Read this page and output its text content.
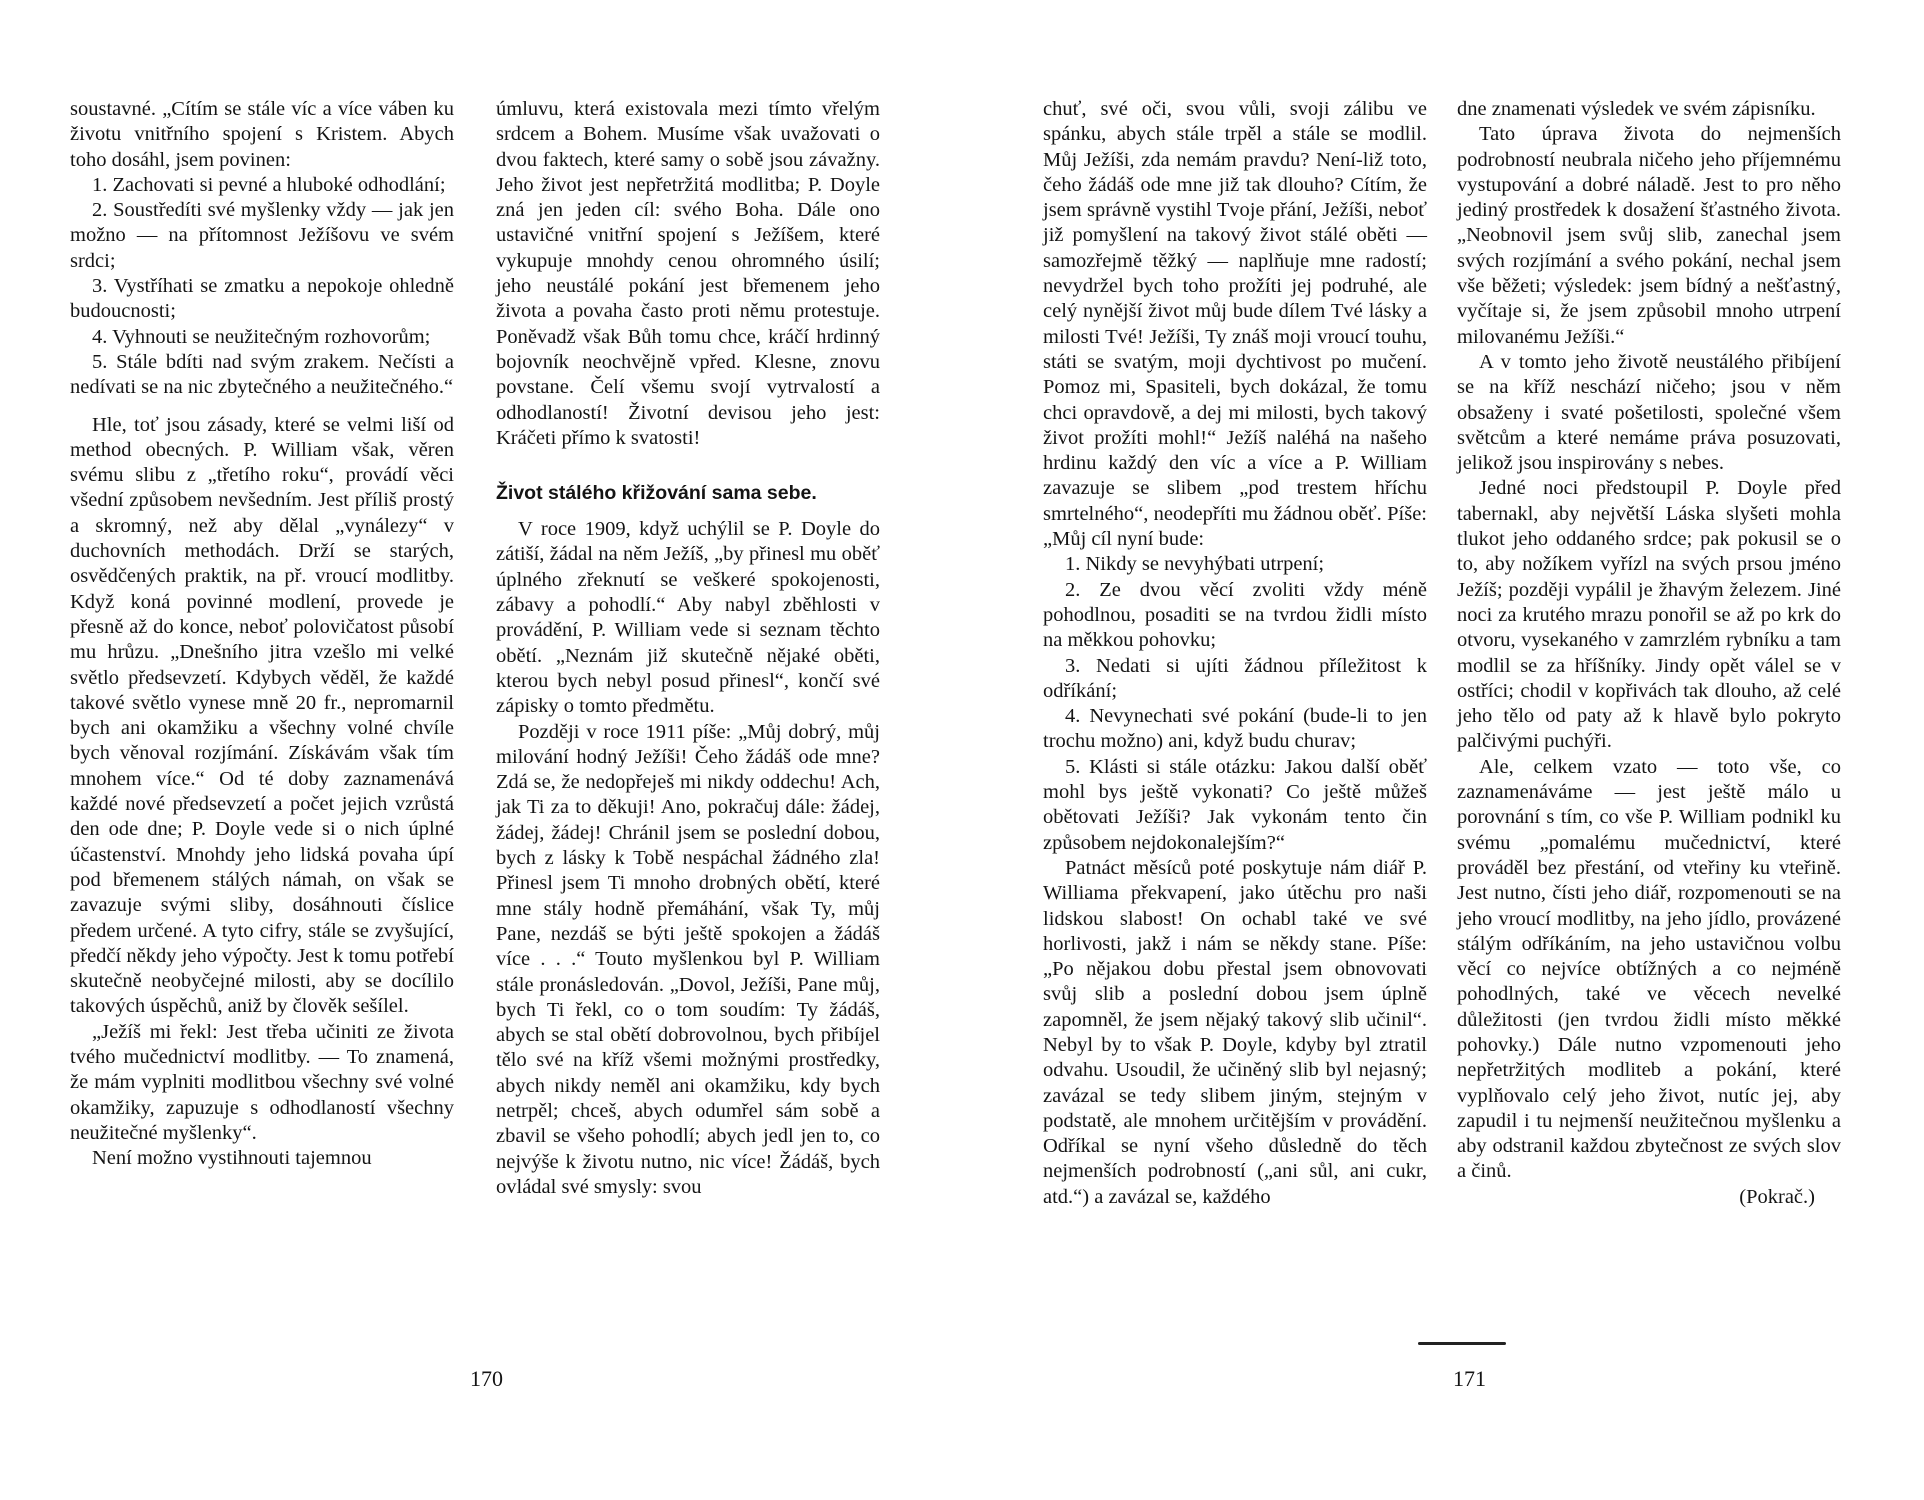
soustavné. „Cítím se stále víc a více váben ku životu vnitřního spojení s Kristem. Abych toho dosáhl, jsem povinen:

1. Zachovati si pevné a hluboké odhodlání;

2. Soustředíti své myšlenky vždy — jak jen možno — na přítomnost Ježíšovu ve svém srdci;

3. Vystříhati se zmatku a nepokoje ohledně budoucnosti;

4. Vyhnouti se neužitečným rozhovorům;

5. Stále bdíti nad svým zrakem. Nečísti a nedívati se na nic zbytečného a neužitečného.“

Hle, toť jsou zásady, které se velmi liší od method obecných. P. William však, věren svému slibu z „třetího roku“, provádí věci všední způsobem nevšedním. Jest příliš prostý a skromný, než aby dělal „vynálezy“ v duchovních methodách. Drží se starých, osvědčených praktik, na př. vroucí modlitby. Když koná povinné modlení, provede je přesně až do konce, neboť polovičatost působí mu hrůzu. „Dnešního jitra vzešlo mi velké světlo předsevzetí. Kdybych věděl, že každé takové světlo vynese mně 20 fr., nepromarnil bych ani okamžiku a všechny volné chvíle bych věnoval rozjímání. Získávám však tím mnohem více.“ Od té doby zaznamenává každé nové předsevzetí a počet jejich vzrůstá den ode dne; P. Doyle vede si o nich úplné účastenství. Mnohdy jeho lidská povaha úpí pod břemenem stálých námah, on však se zavazuje svými sliby, dosáhnouti číslice předem určené. A tyto cifry, stále se zvyšující, předčí někdy jeho výpočty. Jest k tomu potřebí skutečně neobyčejné milosti, aby se docílilo takových úspěchů, aniž by člověk sešílel.

„Ježíš mi řekl: Jest třeba učiniti ze života tvého mučednictví modlitby. — To znamená, že mám vyplniti modlitbou všechny své volné okamžiky, zapuzuje s odhodlaností všechny neužitečné myšlenky“.

Není možno vystihnouti tajemnou

úmluvu, která existovala mezi tímto vřelým srdcem a Bohem. Musíme však uvažovati o dvou faktech, které samy o sobě jsou závažny. Jeho život jest nepřetržitá modlitba; P. Doyle zná jen jeden cíl: svého Boha. Dále ono ustavičné vnitřní spojení s Ježíšem, které vykupuje mnohdy cenou ohromného úsilí; jeho neustálé pokání jest břemenem jeho života a povaha často proti němu protestuje. Poněvadž však Bůh tomu chce, kráčí hrdinný bojovník neochvějně vpřed. Klesne, znovu povstane. Čelí všemu svojí vytrvalostí a odhodlaností! Životní devisou jeho jest: Kráčeti přímo k svatosti!

Život stálého křižování sama sebe.

V roce 1909, když uchýlil se P. Doyle do zátiší, žádal na něm Ježíš, „by přinesl mu oběť úplného zřeknutí se veškeré spokojenosti, zábavy a pohodlí.“ Aby nabyl zběhlosti v provádění, P. William vede si seznam těchto obětí. „Neznám již skutečně nějaké oběti, kterou bych nebyl posud přinesl“, končí své zápisky o tomto předmětu.

Později v roce 1911 píše: „Můj dobrý, můj milování hodný Ježíši! Čeho žádáš ode mne? Zdá se, že nedopřeješ mi nikdy oddechu! Ach, jak Ti za to děkuji! Ano, pokračuj dále: žádej, žádej, žádej! Chránil jsem se poslední dobou, bych z lásky k Tobě nespáchal žádného zla! Přinesl jsem Ti mnoho drobných obětí, které mne stály hodně přemáhání, však Ty, můj Pane, nezdáš se býti ještě spokojen a žádáš více . . .“ Touto myšlenkou byl P. William stále pronásledován. „Dovol, Ježíši, Pane můj, bych Ti řekl, co o tom soudím: Ty žádáš, abych se stal obětí dobrovolnou, bych přibíjel tělo své na kříž všemi možnými prostředky, abych nikdy neměl ani okamžiku, kdy bych netrpěl; chceš, abych odumřel sám sobě a zbavil se všeho pohodlí; abych jedl jen to, co nejvýše k životu nutno, nic více! Žádáš, bych ovládal své smysly: svou

170

chuť, své oči, svou vůli, svoji zálibu ve spánku, abych stále trpěl a stále se modlil. Můj Ježíši, zda nemám pravdu? Není-liž toto, čeho žádáš ode mne již tak dlouho? Cítím, že jsem správně vystihl Tvoje přání, Ježíši, neboť již pomyšlení na takový život stálé oběti — samozřejmě těžký — naplňuje mne radostí; nevydržel bych toho prožíti jej podruhé, ale celý nynější život můj bude dílem Tvé lásky a milosti Tvé! Ježíši, Ty znáš moji vroucí touhu, státi se svatým, moji dychtivost po mučení. Pomoz mi, Spasiteli, bych dokázal, že tomu chci opravdově, a dej mi milosti, bych takový život prožíti mohl!“ Ježíš naléhá na našeho hrdinu každý den víc a více a P. William zavazuje se slibem „pod trestem hříchu smrtelného“, neodepříti mu žádnou oběť. Píše: „Můj cíl nyní bude:

1. Nikdy se nevyhýbati utrpení;

2. Ze dvou věcí zvoliti vždy méně pohodlnou, posaditi se na tvrdou židli místo na měkkou pohovku;

3. Nedati si ujíti žádnou příležitost k odříkání;

4. Nevynechati své pokání (bude-li to jen trochu možno) ani, když budu churav;

5. Klásti si stále otázku: Jakou další oběť mohl bys ještě vykonati? Co ještě můžeš obětovati Ježíši? Jak vykonám tento čin způsobem nejdokonalejším?“

Patnáct měsíců poté poskytuje nám diář P. Williama překvapení, jako útěchu pro naši lidskou slabost! On ochabl také ve své horlivosti, jakž i nám se někdy stane. Píše: „Po nějakou dobu přestal jsem obnovovati svůj slib a poslední dobou jsem úplně zapomněl, že jsem nějaký takový slib učinil“. Nebyl by to však P. Doyle, kdyby byl ztratil odvahu. Usoudil, že učiněný slib byl nejasný; zavázal se tedy slibem jiným, stejným v podstatě, ale mnohem určitějším v provádění. Odříkal se nyní všeho důsledně do těch nejmenších podrobností („ani sůl, ani cukr, atd.“) a zavázal se, každého

dne znamenati výsledek ve svém zápisníku.

Tato úprava života do nejmenších podrobností neubrala ničeho jeho příjemnému vystupování a dobré náladě. Jest to pro něho jediný prostředek k dosažení šťastného života. „Neobnovil jsem svůj slib, zanechal jsem svých rozjímání a svého pokání, nechal jsem vše běžeti; výsledek: jsem bídný a nešťastný, vyčítaje si, že jsem způsobil mnoho utrpení milovanému Ježíši.“

A v tomto jeho životě neustálého přibíjení se na kříž neschází ničeho; jsou v něm obsaženy i svaté pošetilosti, společné všem světcům a které nemáme práva posuzovati, jelikož jsou inspirovány s nebes.

Jedné noci předstoupil P. Doyle před tabernakl, aby největší Láska slyšeti mohla tlukot jeho oddaného srdce; pak pokusil se o to, aby nožíkem vyřízl na svých prsou jméno Ježíš; později vypálil je žhavým železem. Jiné noci za krutého mrazu ponořil se až po krk do otvoru, vysekaného v zamrzlém rybníku a tam modlil se za hříšníky. Jindy opět válel se v ostříci; chodil v kopřivách tak dlouho, až celé jeho tělo od paty až k hlavě bylo pokryto palčivými puchýři.

Ale, celkem vzato — toto vše, co zaznamenáváme — jest ještě málo u porovnání s tím, co vše P. William podnikl ku svému „pomalému mučednictví, které prováděl bez přestání, od vteřiny ku vteřině. Jest nutno, čísti jeho diář, rozpomenouti se na jeho vroucí modlitby, na jeho jídlo, provázené stálým odříkáním, na jeho ustavičnou volbu věcí co nejvíce obtížných a co nejméně pohodlných, také ve věcech nevelké důležitosti (jen tvrdou židli místo měkké pohovky.) Dále nutno vzpomenouti jeho nepřetržitých modliteb a pokání, které vyplňovalo celý jeho život, nutíc jej, aby zapudil i tu nejmenší neužitečnou myšlenku a aby odstranil každou zbytečnost ze svých slov a činů.

(Pokrač.)

171
